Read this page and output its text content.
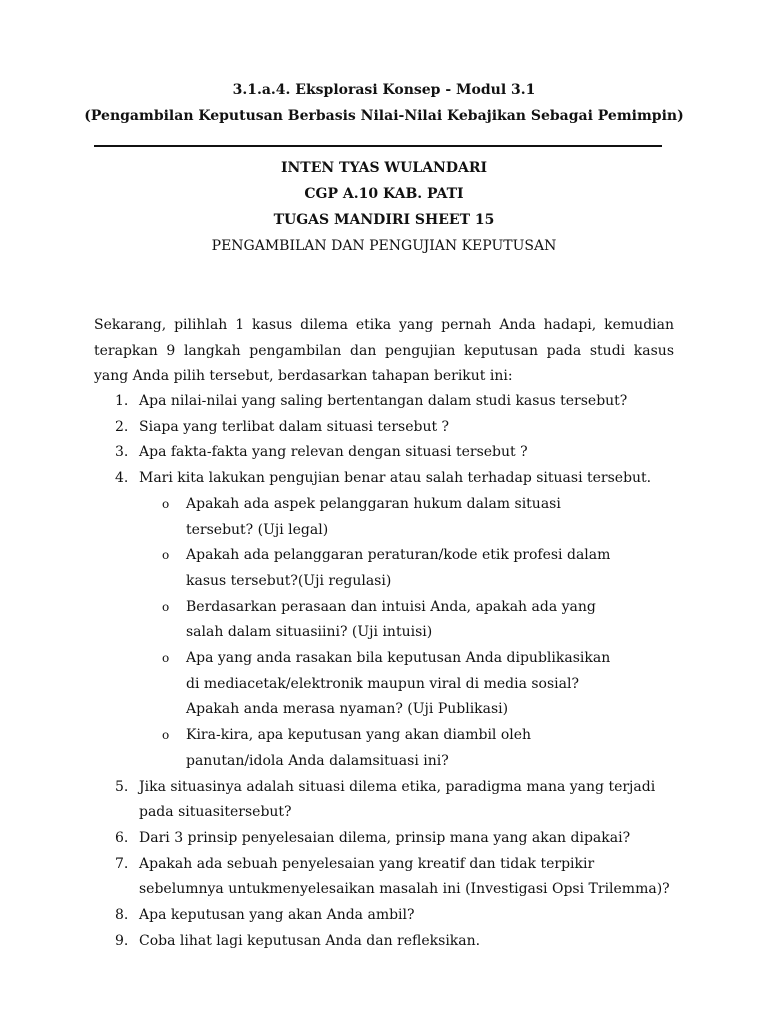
3.1.a.4. Eksplorasi Konsep - Modul 3.1
(Pengambilan Keputusan Berbasis Nilai-Nilai Kebajikan Sebagai Pemimpin)
INTEN TYAS WULANDARI
CGP A.10 KAB. PATI
TUGAS MANDIRI SHEET 15
PENGAMBILAN DAN PENGUJIAN KEPUTUSAN
Sekarang, pilihlah 1 kasus dilema etika yang pernah Anda hadapi, kemudian terapkan 9 langkah pengambilan dan pengujian keputusan pada studi kasus yang Anda pilih tersebut, berdasarkan tahapan berikut ini:
1. Apa nilai-nilai yang saling bertentangan dalam studi kasus tersebut?
2. Siapa yang terlibat dalam situasi tersebut ?
3. Apa fakta-fakta yang relevan dengan situasi tersebut ?
4. Mari kita lakukan pengujian benar atau salah terhadap situasi tersebut.
o Apakah ada aspek pelanggaran hukum dalam situasi tersebut? (Uji legal)
o Apakah ada pelanggaran peraturan/kode etik profesi dalam kasus tersebut?(Uji regulasi)
o Berdasarkan perasaan dan intuisi Anda, apakah ada yang salah dalam situasiini? (Uji intuisi)
o Apa yang anda rasakan bila keputusan Anda dipublikasikan di mediacetak/elektronik maupun viral di media sosial? Apakah anda merasa nyaman? (Uji Publikasi)
o Kira-kira, apa keputusan yang akan diambil oleh panutan/idola Anda dalamsituasi ini?
5. Jika situasinya adalah situasi dilema etika, paradigma mana yang terjadi pada situasitersebut?
6. Dari 3 prinsip penyelesaian dilema, prinsip mana yang akan dipakai?
7. Apakah ada sebuah penyelesaian yang kreatif dan tidak terpikir sebelumnya untukmenyelesaikan masalah ini (Investigasi Opsi Trilemma)?
8. Apa keputusan yang akan Anda ambil?
9. Coba lihat lagi keputusan Anda dan refleksikan.
